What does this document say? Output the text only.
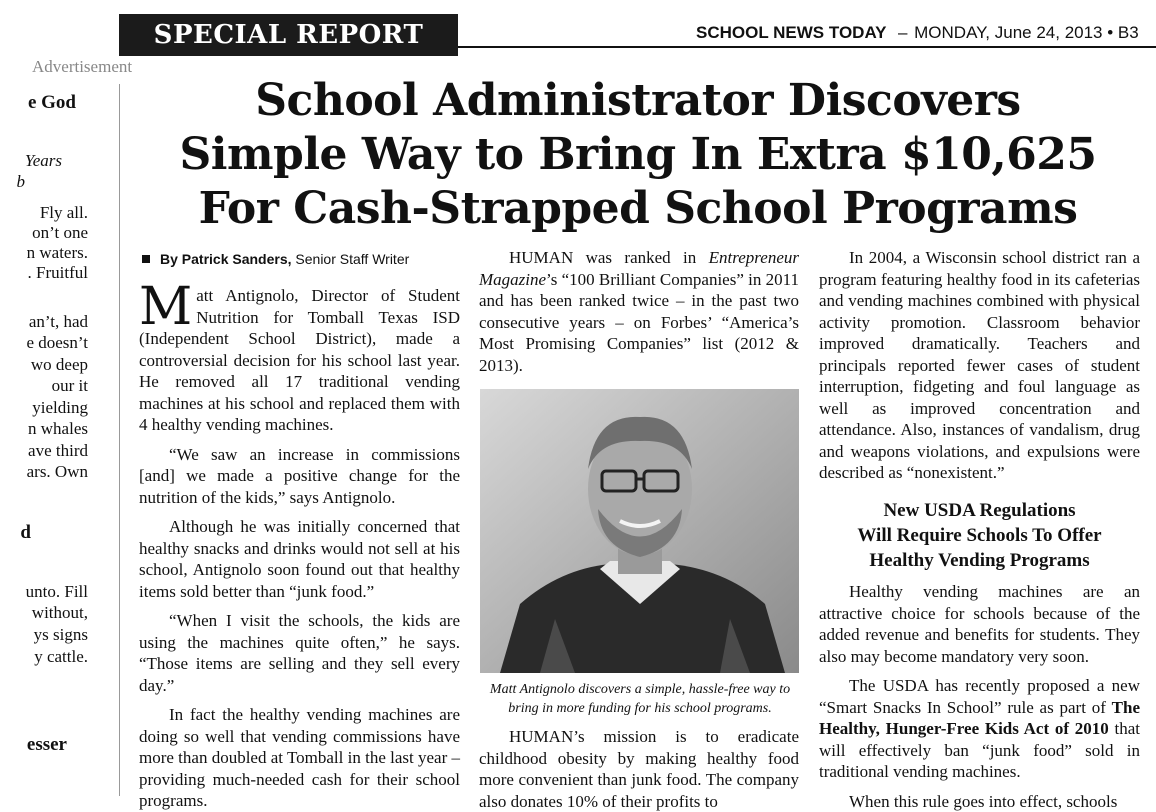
e God
Years
b
Fly all.
on’t one
n waters.
. Fruitful
an’t, had
e doesn’t
wo deep
our it
yielding
n whales
ave third
ars. Own
d
unto. Fill
without,
ys signs
y cattle.
esser
SPECIAL REPORT	SCHOOL NEWS TODAY  – MONDAY, June 24, 2013 • B3
Advertisement
School Administrator Discovers
Simple Way to Bring In Extra $10,625
For Cash-Strapped School Programs
By Patrick Sanders, Senior Staff Writer

Matt Antignolo, Director of Student Nutrition for Tomball Texas ISD (Independent School District), made a controversial decision for his school last year. He removed all 17 traditional vending machines at his school and replaced them with 4 healthy vending machines.

“We saw an increase in commissions [and] we made a positive change for the nutrition of the kids,” says Antignolo.

Although he was initially concerned that healthy snacks and drinks would not sell at his school, Antignolo soon found out that healthy items sold better than “junk food.”

“When I visit the schools, the kids are using the machines quite often,” he says. “Those items are selling and they sell every day.”

In fact the healthy vending machines are doing so well that vending commissions have more than doubled at Tomball in the last year – providing much-needed cash for their school programs.

HUMAN was ranked in Entrepreneur Magazine’s “100 Brilliant Companies” in 2011 and has been ranked twice – in the past two consecutive years – on Forbes’ “America’s Most Promising Companies” list (2012 & 2013).

Matt Antignolo discovers a simple, hassle-free way to bring in more funding for his school programs.

HUMAN’s mission is to eradicate childhood obesity by making healthy food more convenient than junk food. The company also donates 10% of their profits to

In 2004, a Wisconsin school district ran a program featuring healthy food in its cafeterias and vending machines combined with physical activity promotion. Classroom behavior improved dramatically. Teachers and principals reported fewer cases of student interruption, fidgeting and foul language as well as improved concentration and attendance. Also, instances of vandalism, drug and weapons violations, and expulsions were described as “nonexistent.”

New USDA Regulations
Will Require Schools To Offer
Healthy Vending Programs

Healthy vending machines are an attractive choice for schools because of the added revenue and benefits for students. They also may become mandatory very soon.

The USDA has recently proposed a new “Smart Snacks In School” rule as part of The Healthy, Hunger-Free Kids Act of 2010 that will effectively ban “junk food” sold in traditional vending machines.

When this rule goes into effect, schools
